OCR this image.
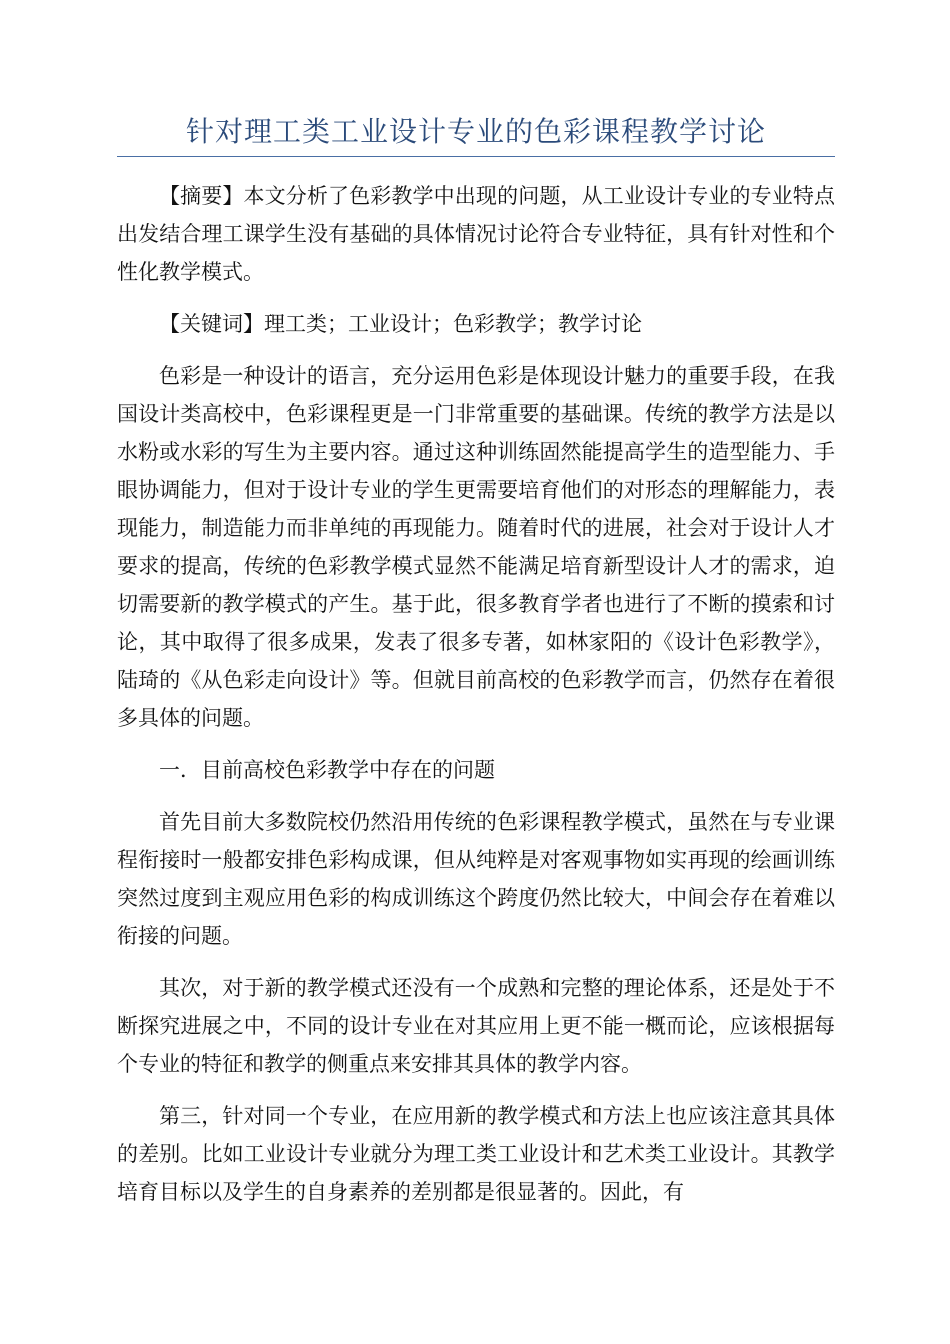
针对理工类工业设计专业的色彩课程教学讨论

【摘要】本文分析了色彩教学中出现的问题，从工业设计专业的专业特点出发结合理工课学生没有基础的具体情况讨论符合专业特征，具有针对性和个性化教学模式。

【关键词】理工类；工业设计；色彩教学；教学讨论

色彩是一种设计的语言，充分运用色彩是体现设计魅力的重要手段，在我国设计类高校中，色彩课程更是一门非常重要的基础课。传统的教学方法是以水粉或水彩的写生为主要内容。通过这种训练固然能提高学生的造型能力、手眼协调能力，但对于设计专业的学生更需要培育他们的对形态的理解能力，表现能力，制造能力而非单纯的再现能力。随着时代的进展，社会对于设计人才要求的提高，传统的色彩教学模式显然不能满足培育新型设计人才的需求，迫切需要新的教学模式的产生。基于此，很多教育学者也进行了不断的摸索和讨论，其中取得了很多成果，发表了很多专著，如林家阳的《设计色彩教学》，陆琦的《从色彩走向设计》等。但就目前高校的色彩教学而言，仍然存在着很多具体的问题。

一．目前高校色彩教学中存在的问题

首先目前大多数院校仍然沿用传统的色彩课程教学模式，虽然在与专业课程衔接时一般都安排色彩构成课，但从纯粹是对客观事物如实再现的绘画训练突然过度到主观应用色彩的构成训练这个跨度仍然比较大，中间会存在着难以衔接的问题。

其次，对于新的教学模式还没有一个成熟和完整的理论体系，还是处于不断探究进展之中，不同的设计专业在对其应用上更不能一概而论，应该根据每个专业的特征和教学的侧重点来安排其具体的教学内容。

第三，针对同一个专业，在应用新的教学模式和方法上也应该注意其具体的差别。比如工业设计专业就分为理工类工业设计和艺术类工业设计。其教学培育目标以及学生的自身素养的差别都是很显著的。因此，有
